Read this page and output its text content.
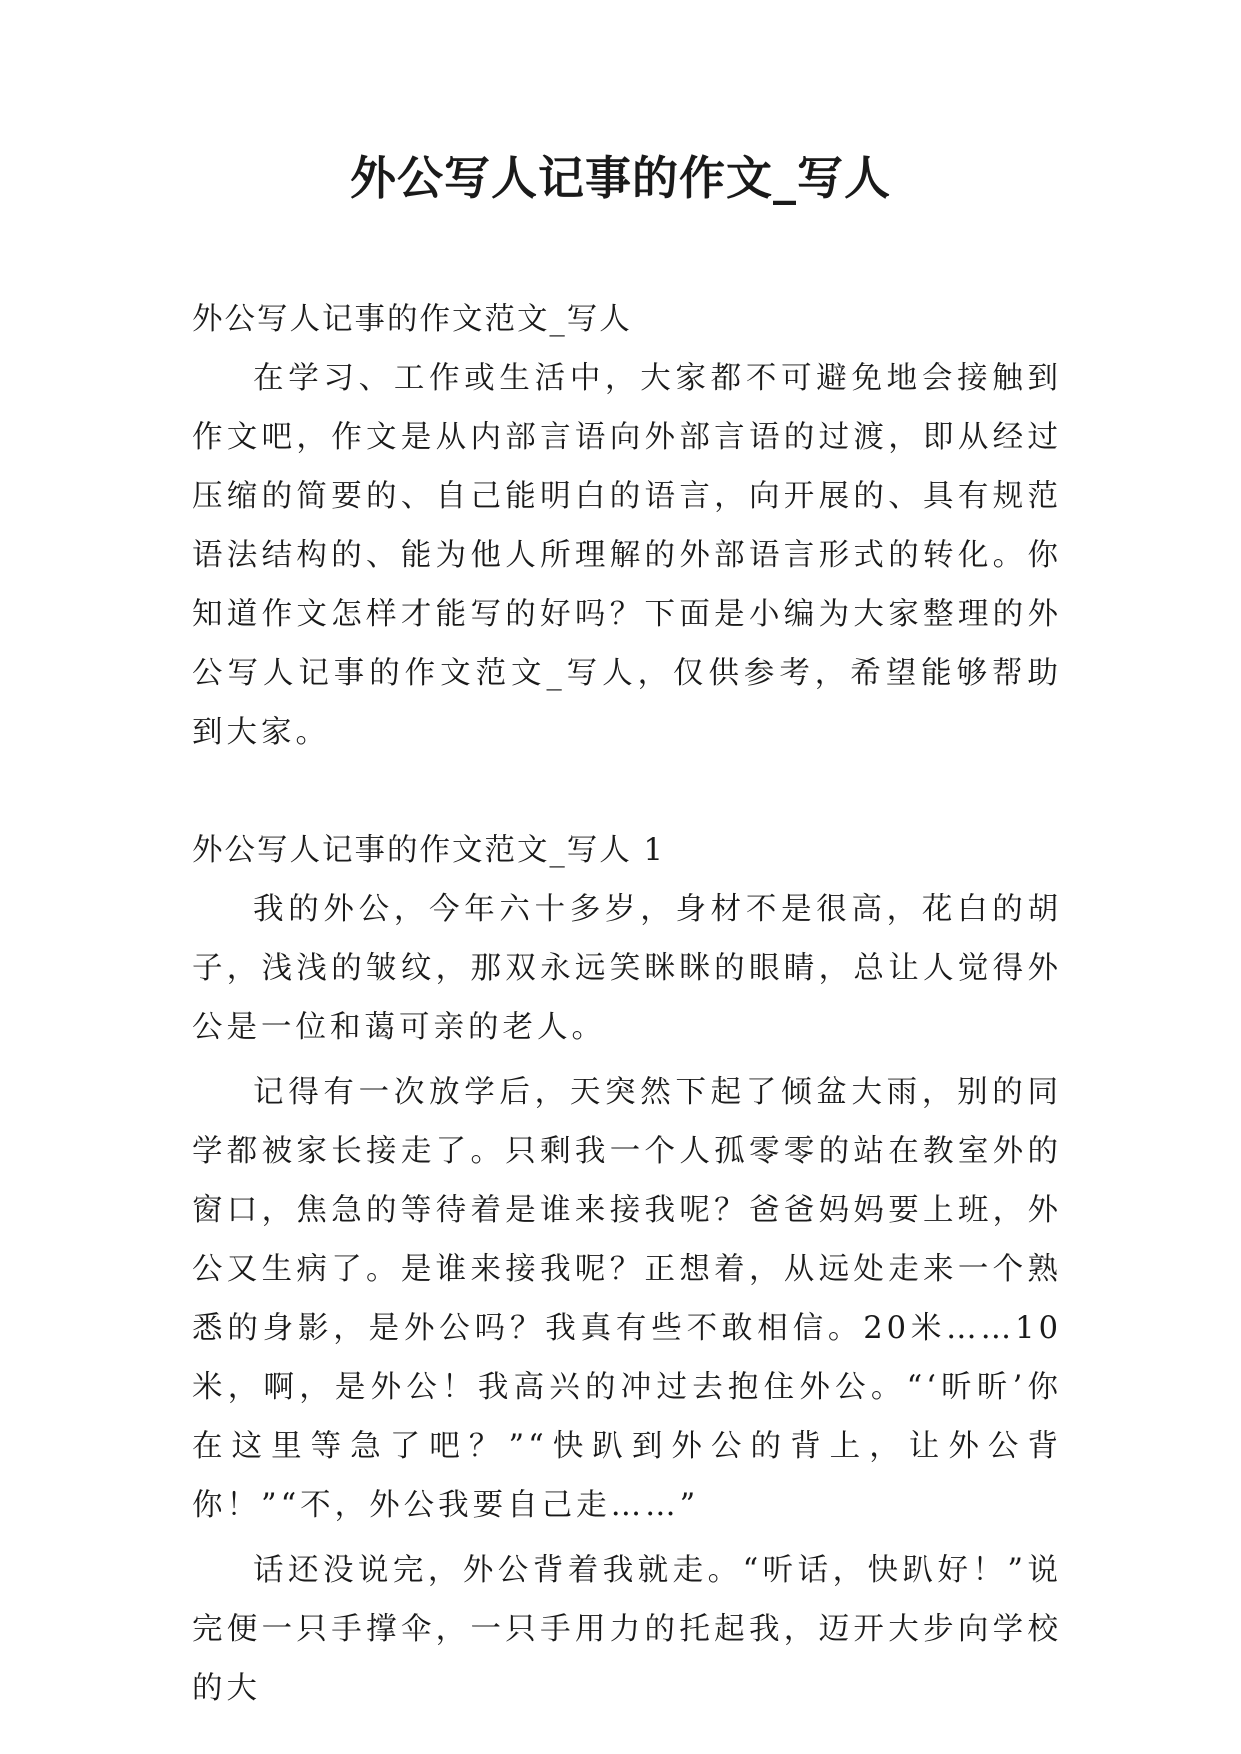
外公写人记事的作文_写人

外公写人记事的作文范文_写人

在学习、工作或生活中，大家都不可避免地会接触到作文吧，作文是从内部言语向外部言语的过渡，即从经过压缩的简要的、自己能明白的语言，向开展的、具有规范语法结构的、能为他人所理解的外部语言形式的转化。你知道作文怎样才能写的好吗？下面是小编为大家整理的外公写人记事的作文范文_写人，仅供参考，希望能够帮助到大家。

外公写人记事的作文范文_写人 1

我的外公，今年六十多岁，身材不是很高，花白的胡子，浅浅的皱纹，那双永远笑眯眯的眼睛，总让人觉得外公是一位和蔼可亲的老人。

记得有一次放学后，天突然下起了倾盆大雨，别的同学都被家长接走了。只剩我一个人孤零零的站在教室外的窗口，焦急的等待着是谁来接我呢？爸爸妈妈要上班，外公又生病了。是谁来接我呢？正想着，从远处走来一个熟悉的身影，是外公吗？我真有些不敢相信。20米……10米，啊，是外公！我高兴的冲过去抱住外公。“‘昕昕’你在这里等急了吧？”“快趴到外公的背上，让外公背你！”“不，外公我要自己走……”

话还没说完，外公背着我就走。“听话，快趴好！”说完便一只手撑伞，一只手用力的托起我，迈开大步向学校的大
